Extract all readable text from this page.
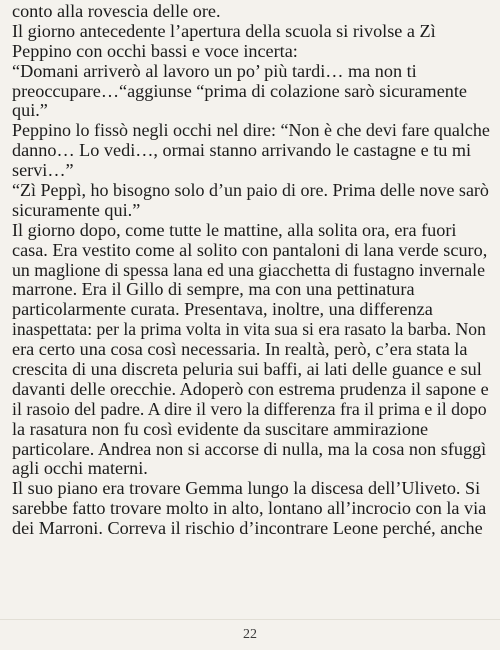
conto alla rovescia delle ore.
Il giorno antecedente l’apertura della scuola si rivolse a Zì
Peppino con occhi bassi e voce incerta:
“Domani arriverò al lavoro un po’ più tardi… ma non ti
preoccupare…“aggiunse “prima di colazione sarò sicuramente
qui.”
Peppino lo fissò negli occhi nel dire: “Non è che devi fare qualche
danno… Lo vedi…, ormai stanno arrivando le castagne e tu mi
servi…”
“Zì Peppì, ho bisogno solo d’un paio di ore. Prima delle nove sarò
sicuramente qui.”
Il giorno dopo, come tutte le mattine, alla solita ora, era fuori
casa. Era vestito come al solito con pantaloni di lana verde scuro,
un maglione di spessa lana ed una giacchetta di fustagno invernale
marrone. Era il Gillo di sempre, ma con una pettinatura
particolarmente curata. Presentava, inoltre, una differenza
inaspettata: per la prima volta in vita sua si era rasato la barba. Non
era certo una cosa così necessaria. In realtà, però, c’era stata la
crescita di una discreta peluria sui baffi, ai lati delle guance e sul
davanti delle orecchie. Adoperò con estrema prudenza il sapone e
il rasoio del padre. A dire il vero la differenza fra il prima e il dopo
la rasatura non fu così evidente da suscitare ammirazione
particolare. Andrea non si accorse di nulla, ma la cosa non sfuggì
agli occhi materni.
Il suo piano era trovare Gemma lungo la discesa dell’Uliveto. Si
sarebbe fatto trovare molto in alto, lontano all’incrocio con la via
dei Marroni. Correva il rischio d’incontrare Leone perché, anche
22
